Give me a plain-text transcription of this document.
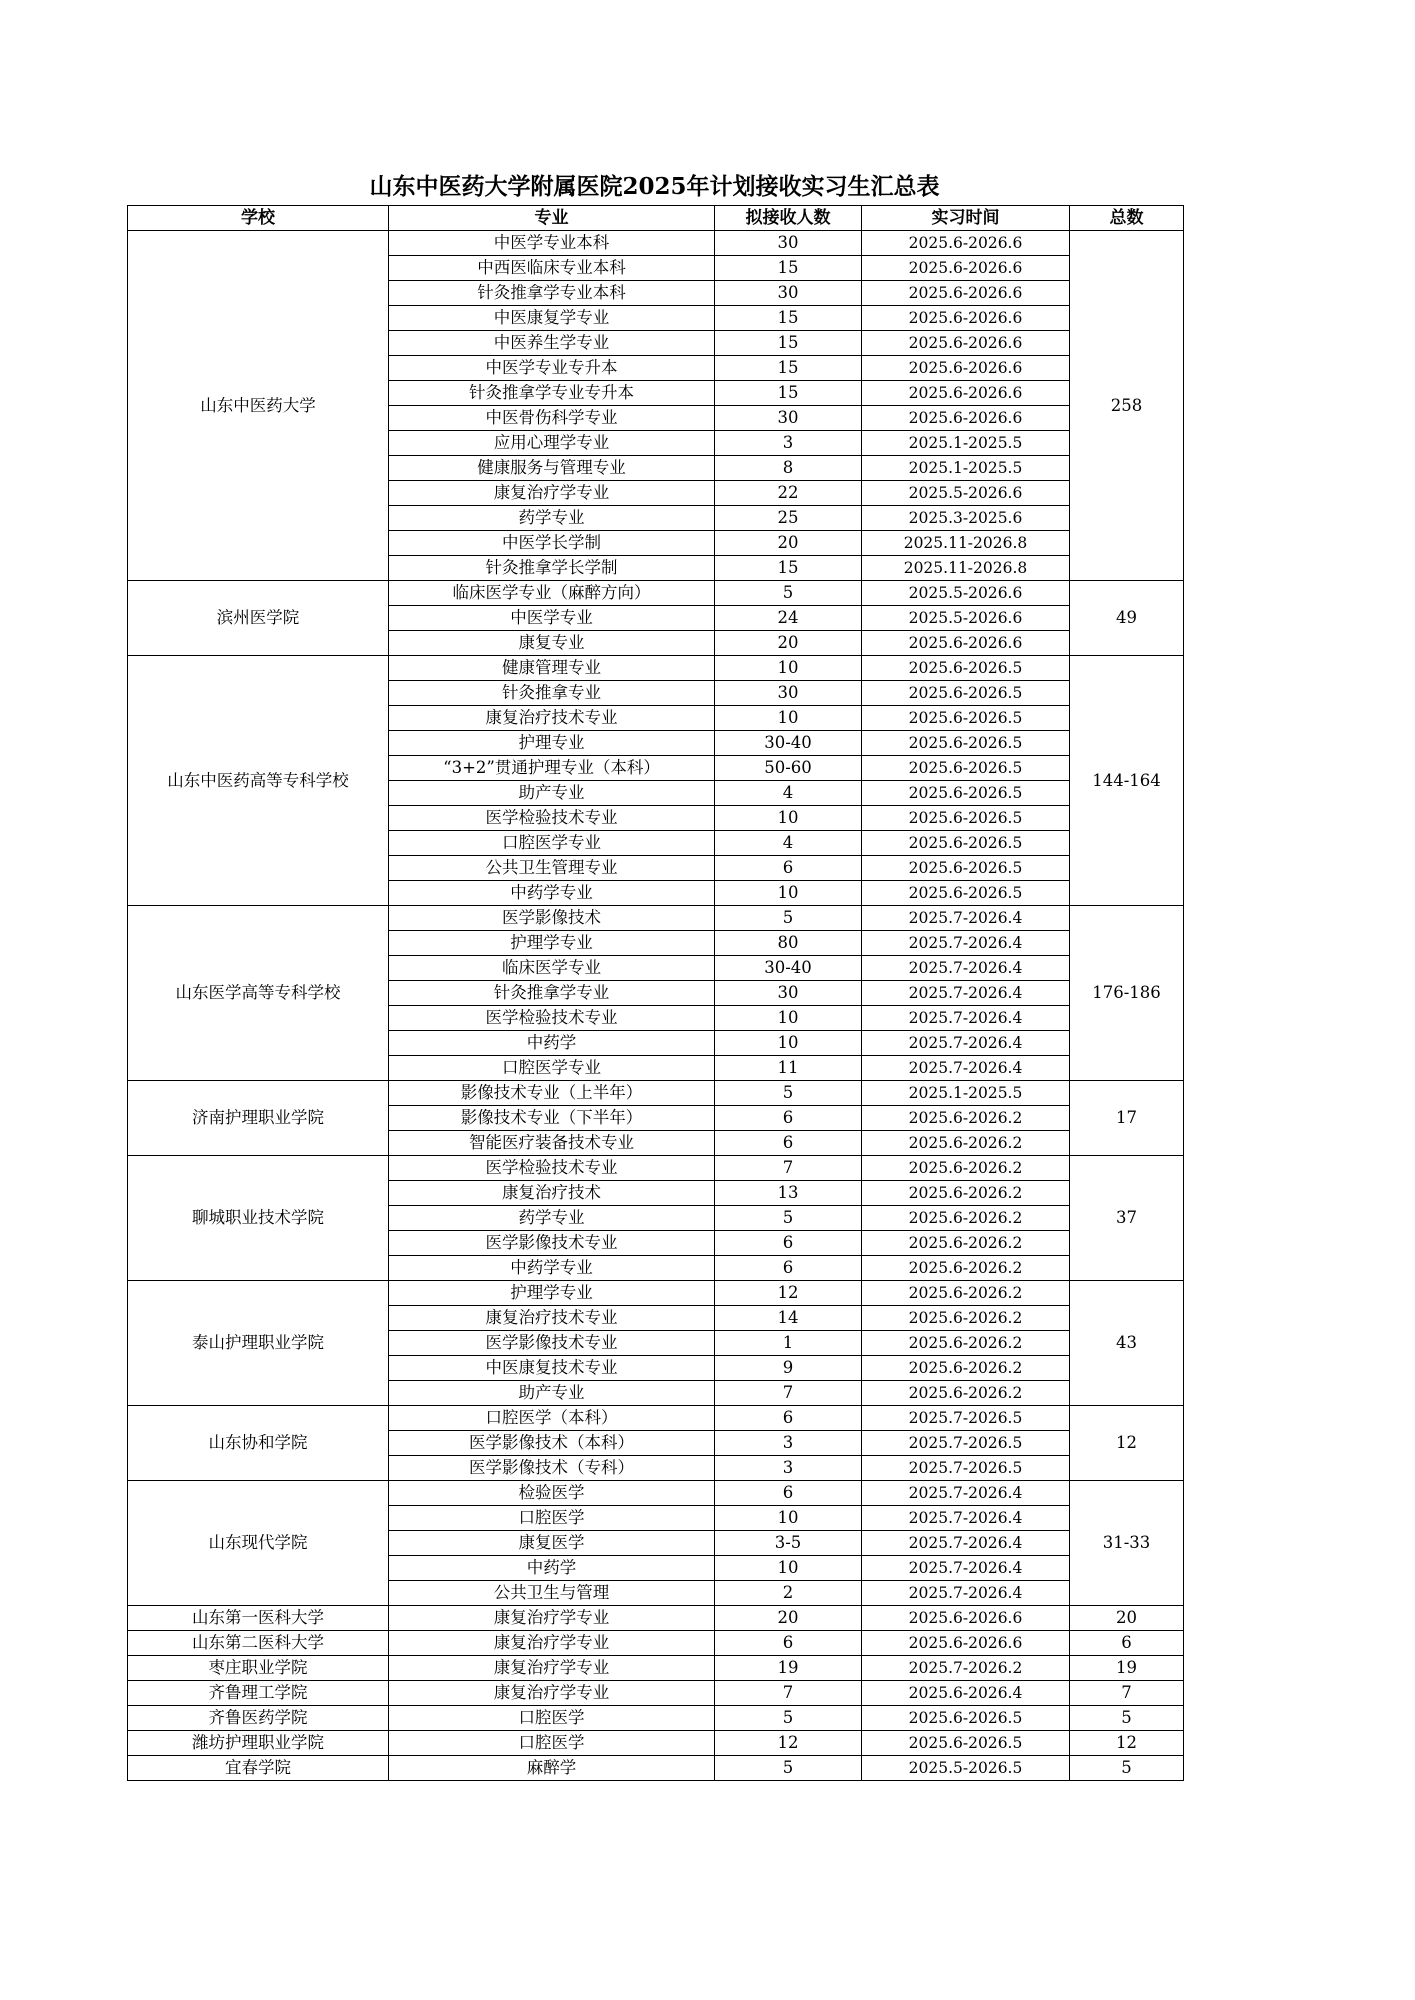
山东中医药大学附属医院2025年计划接收实习生汇总表
学校	专业	拟接收人数	实习时间	总数
山东中医药大学	中医学专业本科	30	2025.6-2026.6	258
	中西医临床专业本科	15	2025.6-2026.6	
	针灸推拿学专业本科	30	2025.6-2026.6	
	中医康复学专业	15	2025.6-2026.6	
	中医养生学专业	15	2025.6-2026.6	
	中医学专业专升本	15	2025.6-2026.6	
	针灸推拿学专业专升本	15	2025.6-2026.6	
	中医骨伤科学专业	30	2025.6-2026.6	
	应用心理学专业	3	2025.1-2025.5	
	健康服务与管理专业	8	2025.1-2025.5	
	康复治疗学专业	22	2025.5-2026.6	
	药学专业	25	2025.3-2025.6	
	中医学长学制	20	2025.11-2026.8	
	针灸推拿学长学制	15	2025.11-2026.8	
滨州医学院	临床医学专业（麻醉方向）	5	2025.5-2026.6	49
	中医学专业	24	2025.5-2026.6	
	康复专业	20	2025.6-2026.6	
山东中医药高等专科学校	健康管理专业	10	2025.6-2026.5	144-164
	针灸推拿专业	30	2025.6-2026.5	
	康复治疗技术专业	10	2025.6-2026.5	
	护理专业	30-40	2025.6-2026.5	
	“3+2”贯通护理专业（本科）	50-60	2025.6-2026.5	
	助产专业	4	2025.6-2026.5	
	医学检验技术专业	10	2025.6-2026.5	
	口腔医学专业	4	2025.6-2026.5	
	公共卫生管理专业	6	2025.6-2026.5	
	中药学专业	10	2025.6-2026.5	
山东医学高等专科学校	医学影像技术	5	2025.7-2026.4	176-186
	护理学专业	80	2025.7-2026.4	
	临床医学专业	30-40	2025.7-2026.4	
	针灸推拿学专业	30	2025.7-2026.4	
	医学检验技术专业	10	2025.7-2026.4	
	中药学	10	2025.7-2026.4	
	口腔医学专业	11	2025.7-2026.4	
济南护理职业学院	影像技术专业（上半年）	5	2025.1-2025.5	17
	影像技术专业（下半年）	6	2025.6-2026.2	
	智能医疗装备技术专业	6	2025.6-2026.2	
聊城职业技术学院	医学检验技术专业	7	2025.6-2026.2	37
	康复治疗技术	13	2025.6-2026.2	
	药学专业	5	2025.6-2026.2	
	医学影像技术专业	6	2025.6-2026.2	
	中药学专业	6	2025.6-2026.2	
泰山护理职业学院	护理学专业	12	2025.6-2026.2	43
	康复治疗技术专业	14	2025.6-2026.2	
	医学影像技术专业	1	2025.6-2026.2	
	中医康复技术专业	9	2025.6-2026.2	
	助产专业	7	2025.6-2026.2	
山东协和学院	口腔医学（本科）	6	2025.7-2026.5	12
	医学影像技术（本科）	3	2025.7-2026.5	
	医学影像技术（专科）	3	2025.7-2026.5	
山东现代学院	检验医学	6	2025.7-2026.4	31-33
	口腔医学	10	2025.7-2026.4	
	康复医学	3-5	2025.7-2026.4	
	中药学	10	2025.7-2026.4	
	公共卫生与管理	2	2025.7-2026.4	
山东第一医科大学	康复治疗学专业	20	2025.6-2026.6	20
山东第二医科大学	康复治疗学专业	6	2025.6-2026.6	6
枣庄职业学院	康复治疗学专业	19	2025.7-2026.2	19
齐鲁理工学院	康复治疗学专业	7	2025.6-2026.4	7
齐鲁医药学院	口腔医学	5	2025.6-2026.5	5
潍坊护理职业学院	口腔医学	12	2025.6-2026.5	12
宜春学院	麻醉学	5	2025.5-2026.5	5
